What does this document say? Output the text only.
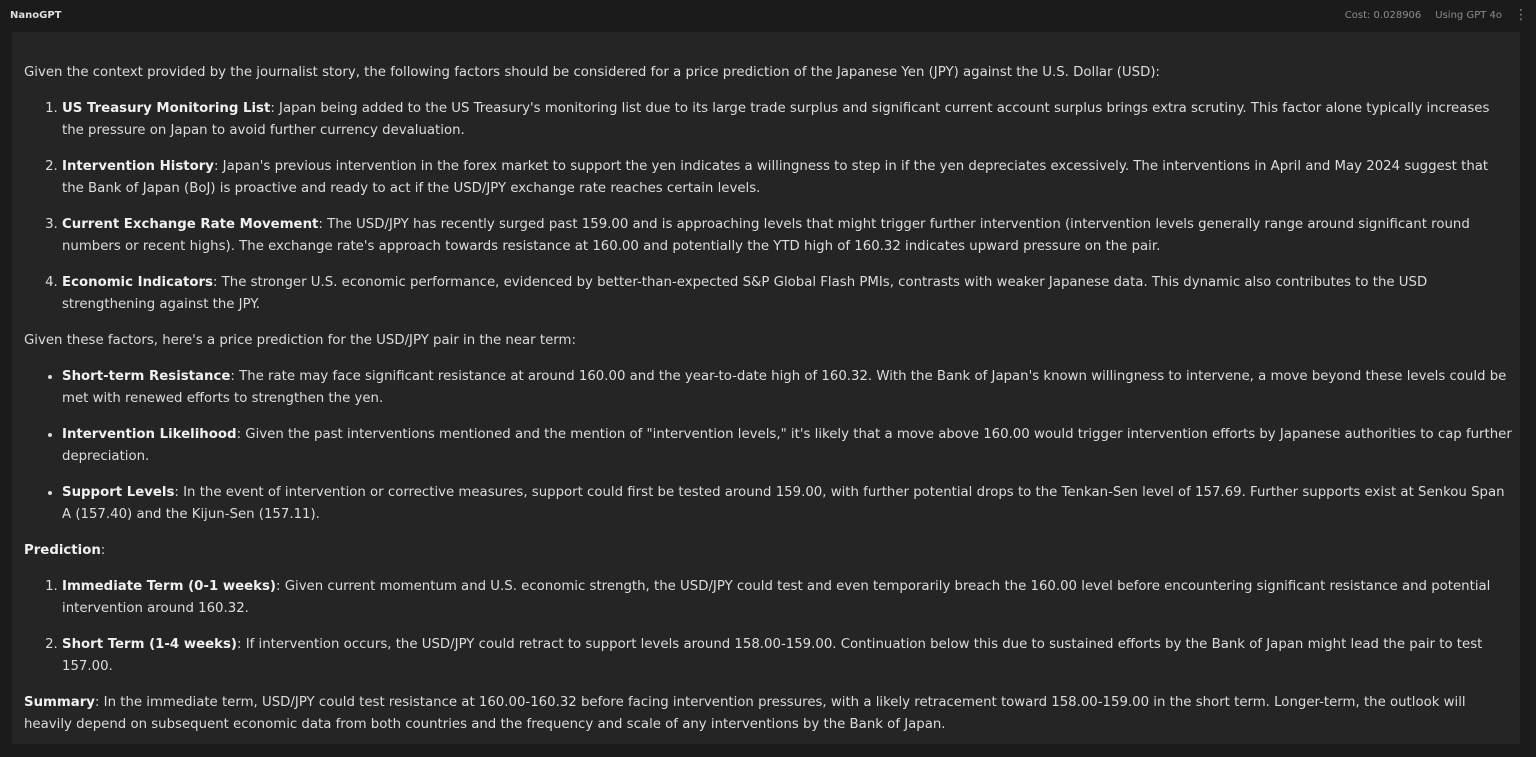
NanoGPT	Cost: 0.028906 Using GPT 4o ⋮

Given the context provided by the journalist story, the following factors should be considered for a price prediction of the Japanese Yen (JPY) against the U.S. Dollar (USD):

1. US Treasury Monitoring List: Japan being added to the US Treasury's monitoring list due to its large trade surplus and significant current account surplus brings extra scrutiny. This factor alone typically increases the pressure on Japan to avoid further currency devaluation.
2. Intervention History: Japan's previous intervention in the forex market to support the yen indicates a willingness to step in if the yen depreciates excessively. The interventions in April and May 2024 suggest that the Bank of Japan (BoJ) is proactive and ready to act if the USD/JPY exchange rate reaches certain levels.
3. Current Exchange Rate Movement: The USD/JPY has recently surged past 159.00 and is approaching levels that might trigger further intervention (intervention levels generally range around significant round numbers or recent highs). The exchange rate's approach towards resistance at 160.00 and potentially the YTD high of 160.32 indicates upward pressure on the pair.
4. Economic Indicators: The stronger U.S. economic performance, evidenced by better-than-expected S&P Global Flash PMIs, contrasts with weaker Japanese data. This dynamic also contributes to the USD strengthening against the JPY.

Given these factors, here's a price prediction for the USD/JPY pair in the near term:

• Short-term Resistance: The rate may face significant resistance at around 160.00 and the year-to-date high of 160.32. With the Bank of Japan's known willingness to intervene, a move beyond these levels could be met with renewed efforts to strengthen the yen.
• Intervention Likelihood: Given the past interventions mentioned and the mention of "intervention levels," it's likely that a move above 160.00 would trigger intervention efforts by Japanese authorities to cap further depreciation.
• Support Levels: In the event of intervention or corrective measures, support could first be tested around 159.00, with further potential drops to the Tenkan-Sen level of 157.69. Further supports exist at Senkou Span A (157.40) and the Kijun-Sen (157.11).

Prediction:

1. Immediate Term (0-1 weeks): Given current momentum and U.S. economic strength, the USD/JPY could test and even temporarily breach the 160.00 level before encountering significant resistance and potential intervention around 160.32.
2. Short Term (1-4 weeks): If intervention occurs, the USD/JPY could retract to support levels around 158.00-159.00. Continuation below this due to sustained efforts by the Bank of Japan might lead the pair to test 157.00.

Summary: In the immediate term, USD/JPY could test resistance at 160.00-160.32 before facing intervention pressures, with a likely retracement toward 158.00-159.00 in the short term. Longer-term, the outlook will heavily depend on subsequent economic data from both countries and the frequency and scale of any interventions by the Bank of Japan.
